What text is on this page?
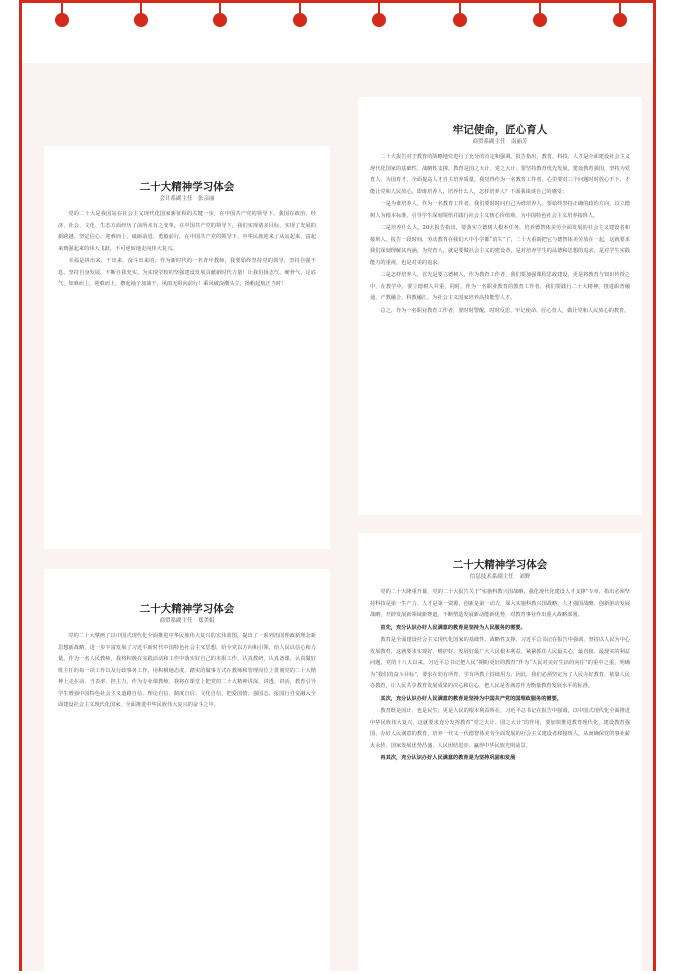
二十大精神学习体会
会计系副主任　张亲丽

党的二十大是我国站在社会主义现代化国家新征程的关键一步，在中国共产党的领导下，我国在政治、经济、社会、文化、生态方面经历了前所未有之变革。在中国共产党的领导下，我们实现诸多目标，实现了发展的新跨越、坚定信心、迎难而上、砥砺前进、勇毅前行，在中国共产党的领导下，中华民族迎来了从站起来、富起来到强起来的伟大飞跃，不可逆转地走向伟大复兴。

幸福是拼出来、干出来、奋斗出来的。作为新时代的一名青年教师，我要始终坚持党的领导，坚持自强不息、坚持自身发展，不断自我充实，为实现学校的坚强建设发展贡献新时代力量！让我们扬志气、硬骨气、足底气，知难而上，迎难而上，撸起袖子加油干，风雨无阻向前行！乘风破浪潮头立，扬帆起航正当时！

牢记使命，匠心育人
商贸系副主任　南丽芳

二十大报告对于教育的战略地位进行了充分的肯定和强调。报告指出，教育、科技、人才是全面建设社会主义现代化国家的基础性、战略性支撑。教育是国之大计、党之大计。要坚持教育优先发展，建设教育强国，坚持为党育人、为国育才，全面提高人才自主培养质量。我觉得作为一名教育工作者，心里要对三个问题时时放心不下，才能让党和人民放心。即谁培养人，培养什么人，怎样培养人？下面我谈谈自己的感受：

一是为谁培养人。作为一名教育工作者，我们要时时问自己为谁培养人。要始终坚持正确的政治方向，以立德树人为根本标准，引导学生深刻领悟并践行社会主义核心价值观，为中国特色社会主义培养接班人。

二是培养什么人。20大报告指出，要落实立德树人根本任务，培养德智体美劳全面发展的社会主义建设者和接班人。报告一段时间，劳动教育在我们大中小学都“消失”了，二十大重新把它与德智体美劳放在一起，这就要求我们深刻理解其内涵，为党育人，就是要做社会主义的建设者，是对培养学生的品德和思想的追求，是对学生实践能力的重视，也是对美的追求。

三是怎样培养人。首先是要立德树人，作为教育工作者，我们要加强课程思政建设，更是将教育与知识传授之中，在教学中，要立德树人并重，同时，作为一名职业教育的教育工作者，我们要践行二十大精神，推进职普融通、产教融合、科教融汇，为社会主义国家培养高技能型人才。

总之，作为一名职业教育工作者，要时时警醒，时时反思，牢记使命、匠心育人，做让党和人民放心的教育。

二十大精神学习体会
商贸系副主任　郑美娟

党的二十大擘画了以中国式现代化全面推进中华民族伟大复兴的宏伟蓝图，提出了一系列治国理政新理念新思想新战略，进一步丰富发展了习近平新时代中国特色社会主义思想，给全党以方向和引领，给人民以信心和力量。作为一名人民教师，我将积极在实践活动和工作中落实好自己的本职工作，认真教研，认真备课，认真做好班主任的每一项工作以及行政事务工作，用积极地态度、踏实的做事方式在教师和管理岗位上贯彻党的二十大精神上走在前、当表率、担主力，作为专业课教师，我将在课堂上把党的二十大精神讲深、讲透、讲活，教育引导学生增强中国特色社会主义道路自信、理论自信、制度自信、文化自信，把爱国情、强国志、报国行自觉融入全面建设社会主义现代化国家、全面推进中华民族伟大复兴的奋斗之中。

二十大精神学习体会
信息技术系副主任　刘野

党的二十大隆重开幕，党的二十大报告关于“实施科教兴国战略，强化现代化建设人才支撑”专章，指出必须坚持科技是第一生产力、人才是第一资源、创新是第一动力，深入实施科教兴国战略、人才强国战略、创新驱动发展战略，开辟发展新领域新赛道，不断塑造发展新动能新优势，对教育事业作出重大战略部署。

首先，充分认识办好人民满意的教育是坚持为人民服务的需要。

教育是全面建设社会主义现代化国家的基础性、战略性支撑，习近平总书记在报告中强调，坚持以人民为中心发展教育，这就要求实现好、维护好、发展好最广大人民根本利益，紧紧抓住人民最关心、最直接、最现实的利益问题，党的十八大以来，习近平总书记把人民“期盼更好的教育”作为“人民对美好生活的向往”的重中之重，明确为“我们的奋斗目标”，要求在幼有所育、学有所教上持续用力，因此，我们必须坚定为了人民办好教育，依靠人民办教育，让人民共享教育发展成果的决心和信心，把人民是否满意作为衡量教育发展水平的标准。

其次，充分认识办好人民满意的教育是坚持为中国共产党的国理政服务的需要。

教育既是国计，也是民生，更是人民的根本利益所在，习近平总书记在报告中强调，以中国式现代化全面推进中华民族伟大复兴，这就要求充分发挥教育“党之大计、国之大计”的作用，要加快推进教育现代化，建设教育强国、办好人民满意的教育，培养一代又一代德智体美劳全面发展的社会主义建设者和接班人，从而确保党的事业薪火永传、国家发展优势昌盛、人民团结进步、赢得中华民族光明前景。

再其次，充分认识办好人民满意的教育是为坚持巩固和发展
